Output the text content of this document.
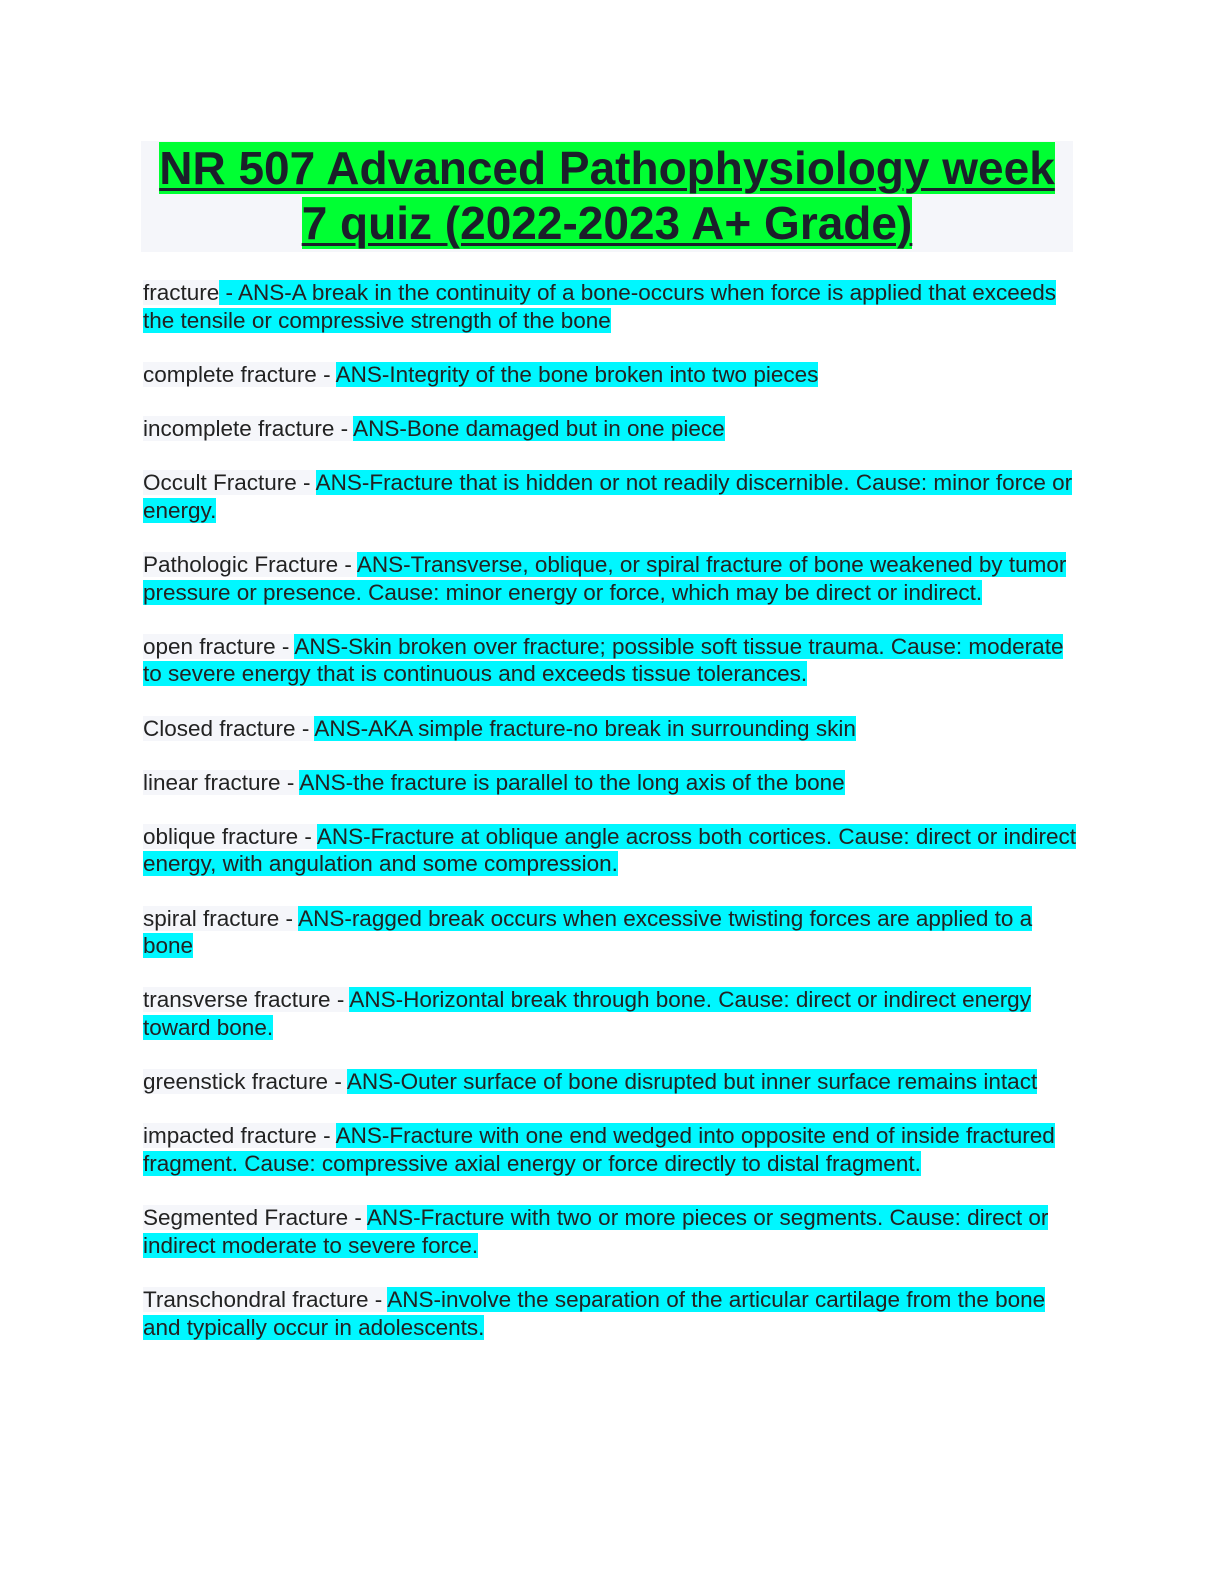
NR 507 Advanced Pathophysiology week
7 quiz (2022-2023 A+ Grade)

fracture - ANS-A break in the continuity of a bone-occurs when force is applied that exceeds the tensile or compressive strength of the bone

complete fracture - ANS-Integrity of the bone broken into two pieces

incomplete fracture - ANS-Bone damaged but in one piece

Occult Fracture - ANS-Fracture that is hidden or not readily discernible. Cause: minor force or energy.

Pathologic Fracture - ANS-Transverse, oblique, or spiral fracture of bone weakened by tumor pressure or presence. Cause: minor energy or force, which may be direct or indirect.

open fracture - ANS-Skin broken over fracture; possible soft tissue trauma. Cause: moderate to severe energy that is continuous and exceeds tissue tolerances.

Closed fracture - ANS-AKA simple fracture-no break in surrounding skin

linear fracture - ANS-the fracture is parallel to the long axis of the bone

oblique fracture - ANS-Fracture at oblique angle across both cortices. Cause: direct or indirect energy, with angulation and some compression.

spiral fracture - ANS-ragged break occurs when excessive twisting forces are applied to a bone

transverse fracture - ANS-Horizontal break through bone. Cause: direct or indirect energy toward bone.

greenstick fracture - ANS-Outer surface of bone disrupted but inner surface remains intact

impacted fracture - ANS-Fracture with one end wedged into opposite end of inside fractured fragment. Cause: compressive axial energy or force directly to distal fragment.

Segmented Fracture - ANS-Fracture with two or more pieces or segments. Cause: direct or indirect moderate to severe force.

Transchondral fracture - ANS-involve the separation of the articular cartilage from the bone and typically occur in adolescents.
